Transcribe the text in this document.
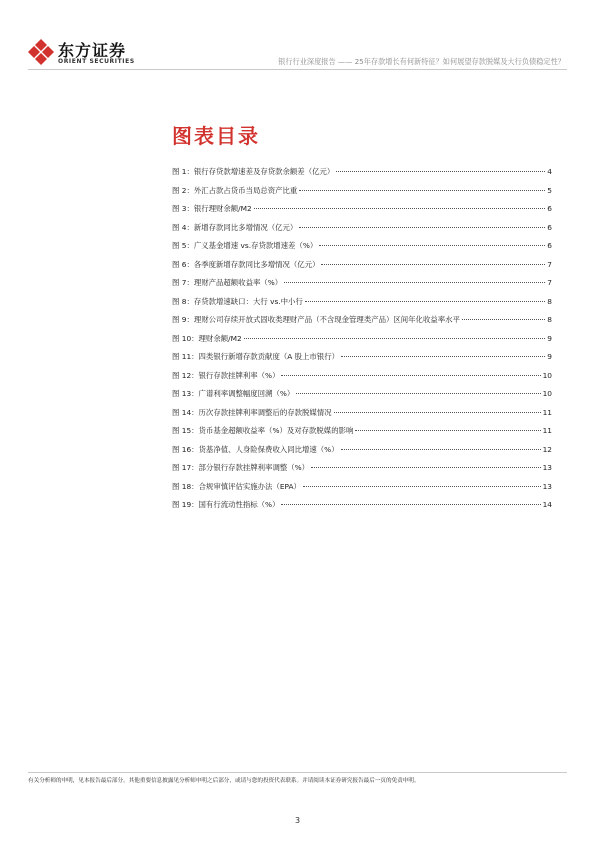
东方证券
ORIENT SECURITIES	银行行业深度报告 —— 25年存款增长有何新特征？如何展望存款脱媒及大行负债稳定性？
图表目录
图 1：银行存贷款增速差及存贷款余额差（亿元）	4
图 2：外汇占款占货币当局总资产比重	5
图 3：银行理财余额/M2	6
图 4：新增存款同比多增情况（亿元）	6
图 5：广义基金增速 vs.存贷款增速差（%）	6
图 6：各季度新增存款同比多增情况（亿元）	7
图 7：理财产品超额收益率（%）	7
图 8：存贷款增速缺口：大行 vs.中小行	8
图 9：理财公司存续开放式固收类理财产品（不含现金管理类产品）区间年化收益率水平	8
图 10：理财余额/M2	9
图 11：四类银行新增存款贡献度（A 股上市银行）	9
图 12：银行存款挂牌利率（%）	10
图 13：广谱利率调整幅度回溯（%）	10
图 14：历次存款挂牌利率调整后的存款脱媒情况	11
图 15：货币基金超额收益率（%）及对存款脱媒的影响	11
图 16：货基净值、人身险保费收入同比增速（%）	12
图 17：部分银行存款挂牌利率调整（%）	13
图 18：合规审慎评估实施办法（EPA）	13
图 19：国有行流动性指标（%）	14
有关分析师的申明，见本报告最后部分。其他重要信息披露见分析师申明之后部分，或请与您的投资代表联系。并请阅读本证券研究报告最后一页的免责申明。
3
